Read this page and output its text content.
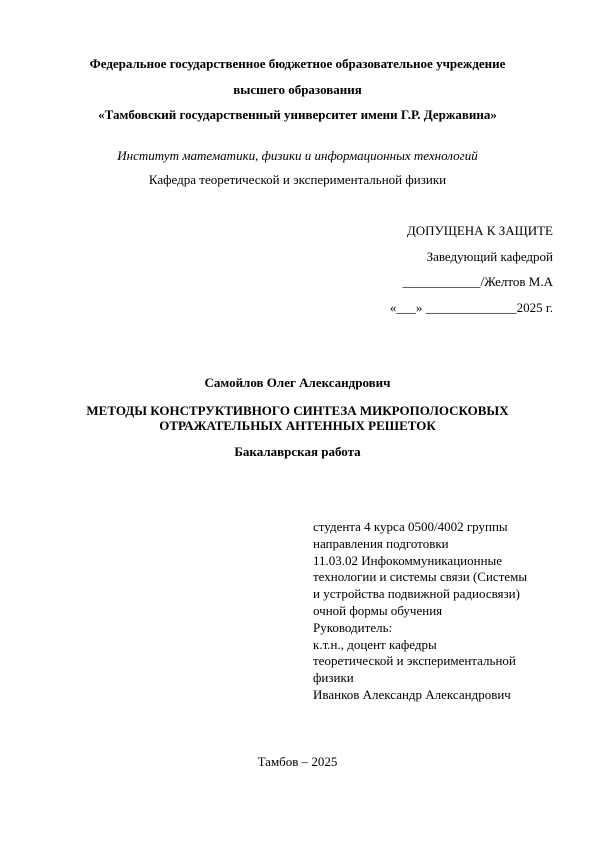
Федеральное государственное бюджетное образовательное учреждение
высшего образования
«Тамбовский государственный университет имени Г.Р. Державина»
Институт математики, физики и информационных технологий
Кафедра теоретической и экспериментальной физики
ДОПУЩЕНА К ЗАЩИТЕ
Заведующий кафедрой
____________/Желтов М.А
«___» ______________2025 г.
Самойлов Олег Александрович
МЕТОДЫ КОНСТРУКТИВНОГО СИНТЕЗА МИКРОПОЛОСКОВЫХ
ОТРАЖАТЕЛЬНЫХ АНТЕННЫХ РЕШЕТОК
Бакалаврская работа
студента 4 курса 0500/4002 группы
направления подготовки
11.03.02 Инфокоммуникационные
технологии и системы связи (Системы
и устройства подвижной радиосвязи)
очной формы обучения
Руководитель:
к.т.н., доцент кафедры
теоретической и экспериментальной
физики
Иванков Александр Александрович
Тамбов – 2025
